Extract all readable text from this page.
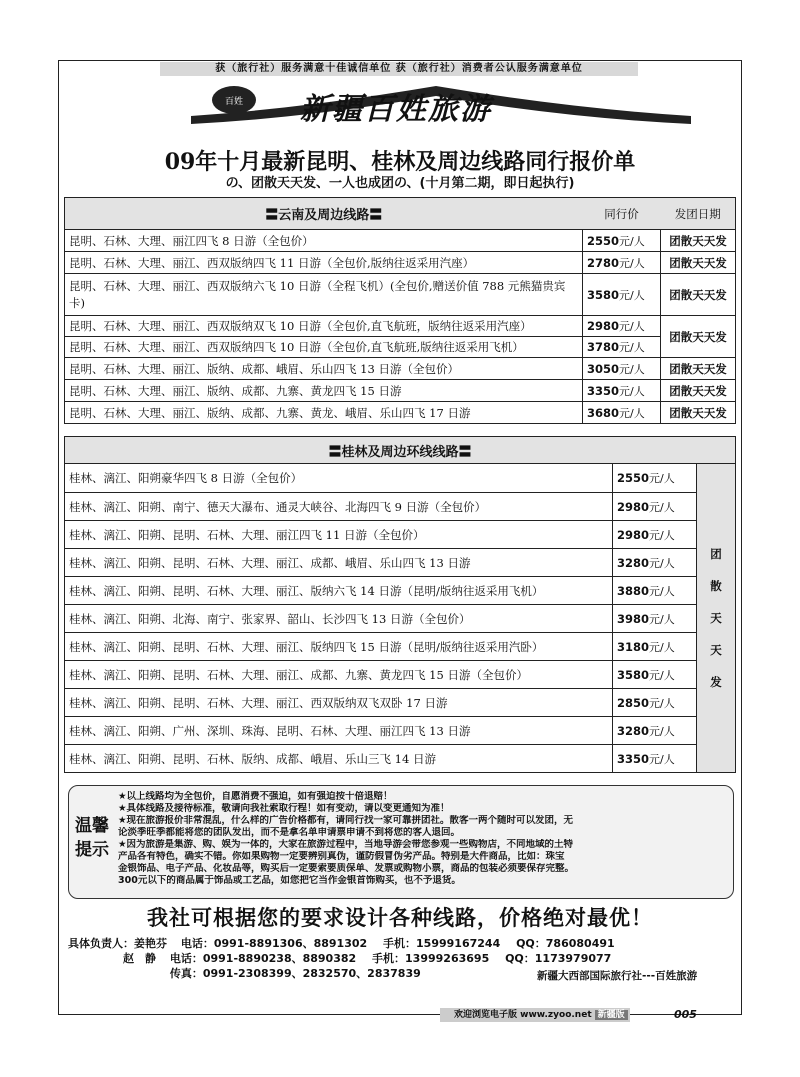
获（旅行社）服务满意十佳诚信单位 获（旅行社）消费者公认服务满意单位
百姓 新疆百姓旅游
09年十月最新昆明、桂林及周边线路同行报价单
の、团散天天发、一人也成团の、(十月第二期，即日起执行)
〓云南及周边线路〓	同行价	发团日期
昆明、石林、大理、丽江四飞 8 日游（全包价）	2550元/人	团散天天发
昆明、石林、大理、丽江、西双版纳四飞 11 日游（全包价,版纳往返采用汽座）	2780元/人	团散天天发
昆明、石林、大理、丽江、西双版纳六飞 10 日游（全程飞机）(全包价,赠送价值 788 元熊猫贵宾卡)	3580元/人	团散天天发
昆明、石林、大理、丽江、西双版纳双飞 10 日游（全包价,直飞航班，版纳往返采用汽座）	2980元/人	团散天天发
昆明、石林、大理、丽江、西双版纳四飞 10 日游（全包价,直飞航班,版纳往返采用飞机）	3780元/人	
昆明、石林、大理、丽江、版纳、成都、峨眉、乐山四飞 13 日游（全包价）	3050元/人	团散天天发
昆明、石林、大理、丽江、版纳、成都、九寨、黄龙四飞 15 日游	3350元/人	团散天天发
昆明、石林、大理、丽江、版纳、成都、九寨、黄龙、峨眉、乐山四飞 17 日游	3680元/人	团散天天发
〓桂林及周边环线线路〓		
桂林、漓江、阳朔豪华四飞 8 日游（全包价）	2550元/人	团
散
天
天
发
桂林、漓江、阳朔、南宁、德天大瀑布、通灵大峡谷、北海四飞 9 日游（全包价）	2980元/人	
桂林、漓江、阳朔、昆明、石林、大理、丽江四飞 11 日游（全包价）	2980元/人	
桂林、漓江、阳朔、昆明、石林、大理、丽江、成都、峨眉、乐山四飞 13 日游	3280元/人	
桂林、漓江、阳朔、昆明、石林、大理、丽江、版纳六飞 14 日游（昆明/版纳往返采用飞机）	3880元/人	
桂林、漓江、阳朔、北海、南宁、张家界、韶山、长沙四飞 13 日游（全包价）	3980元/人	
桂林、漓江、阳朔、昆明、石林、大理、丽江、版纳四飞 15 日游（昆明/版纳往返采用汽卧）	3180元/人	
桂林、漓江、阳朔、昆明、石林、大理、丽江、成都、九寨、黄龙四飞 15 日游（全包价）	3580元/人	
桂林、漓江、阳朔、昆明、石林、大理、丽江、西双版纳双飞双卧 17 日游	2850元/人	
桂林、漓江、阳朔、广州、深圳、珠海、昆明、石林、大理、丽江四飞 13 日游	3280元/人	
桂林、漓江、阳朔、昆明、石林、版纳、成都、峨眉、乐山三飞 14 日游	3350元/人	
温馨
提示
★以上线路均为全包价，自愿消费不强迫，如有强迫按十倍退赔！
★具体线路及接待标准，敬请向我社索取行程！如有变动，请以变更通知为准！
★现在旅游报价非常混乱，什么样的广告价格都有，请同行找一家可靠拼团社。散客一两个随时可以发团，无
论淡季旺季都能将您的团队发出，而不是拿名单申请票申请不到将您的客人退回。
★因为旅游是集游、购、娱为一体的，大家在旅游过程中，当地导游会带您参观一些购物店，不同地域的土特
产品各有特色，确实不错。你如果购物一定要辨别真伪，谨防假冒伪劣产品。特别是大件商品，比如：珠宝
金银饰品、电子产品、化妆品等，购买后一定要索要质保单、发票或购物小票，商品的包装必须要保存完整。
300元以下的商品属于饰品或工艺品，如您把它当作金银首饰购买，也不予退货。
我社可根据您的要求设计各种线路，价格绝对最优！
具体负责人：姜艳芬 电话：0991-8891306、8891302 手机：15999167244 QQ：786080491
赵　静 电话：0991-8890238、8890382 手机：13999263695 QQ：1173979077
传真：0991-2308399、2832570、2837839	新疆大西部国际旅行社---百姓旅游
欢迎浏览电子版 www.zyoo.net 新疆版	005
